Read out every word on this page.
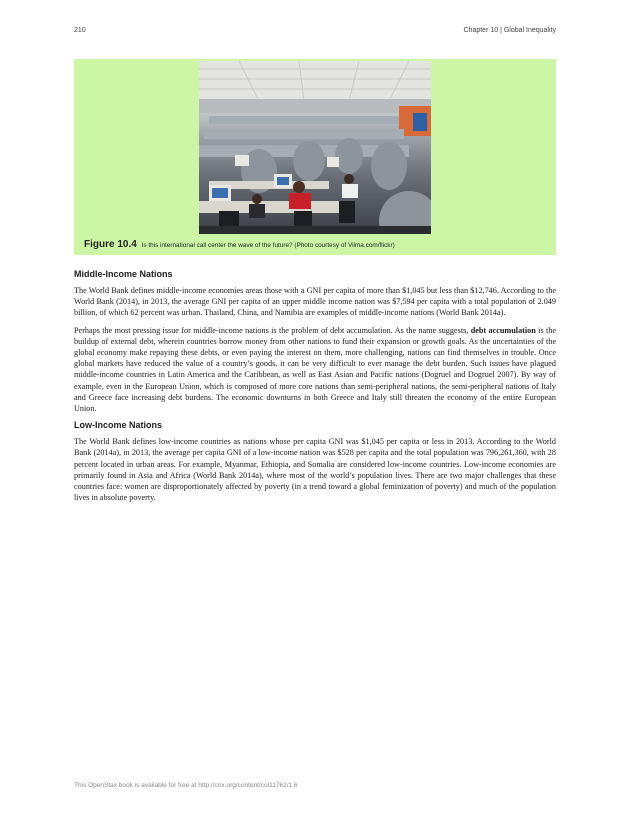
210	Chapter 10 | Global Inequality
Figure 10.4 Is this international call center the wave of the future? (Photo courtesy of Vilma.com/flickr)
Middle-Income Nations

The World Bank defines middle-income economies areas those with a GNI per capita of more than $1,045 but less than $12,746. According to the World Bank (2014), in 2013, the average GNI per capita of an upper middle income nation was $7,594 per capita with a total population of 2.049 billion, of which 62 percent was urban. Thailand, China, and Namibia are examples of middle-income nations (World Bank 2014a).

Perhaps the most pressing issue for middle-income nations is the problem of debt accumulation. As the name suggests, debt accumulation is the buildup of external debt, wherein countries borrow money from other nations to fund their expansion or growth goals. As the uncertainties of the global economy make repaying these debts, or even paying the interest on them, more challenging, nations can find themselves in trouble. Once global markets have reduced the value of a country’s goods, it can be very difficult to ever manage the debt burden. Such issues have plagued middle-income countries in Latin America and the Caribbean, as well as East Asian and Pacific nations (Dogruel and Dogruel 2007). By way of example, even in the European Union, which is composed of more core nations than semi-peripheral nations, the semi-peripheral nations of Italy and Greece face increasing debt burdens. The economic downturns in both Greece and Italy still threaten the economy of the entire European Union.

Low-Income Nations

The World Bank defines low-income countries as nations whose per capita GNI was $1,045 per capita or less in 2013. According to the World Bank (2014a), in 2013, the average per capita GNI of a low-income nation was $528 per capita and the total population was 796,261,360, with 28 percent located in urban areas. For example, Myanmar, Ethiopia, and Somalia are considered low-income countries. Low-income economies are primarily found in Asia and Africa (World Bank 2014a), where most of the world’s population lives. There are two major challenges that these countries face: women are disproportionately affected by poverty (in a trend toward a global feminization of poverty) and much of the population lives in absolute poverty.

This OpenStax book is available for free at http://cnx.org/content/col11762/1.6
